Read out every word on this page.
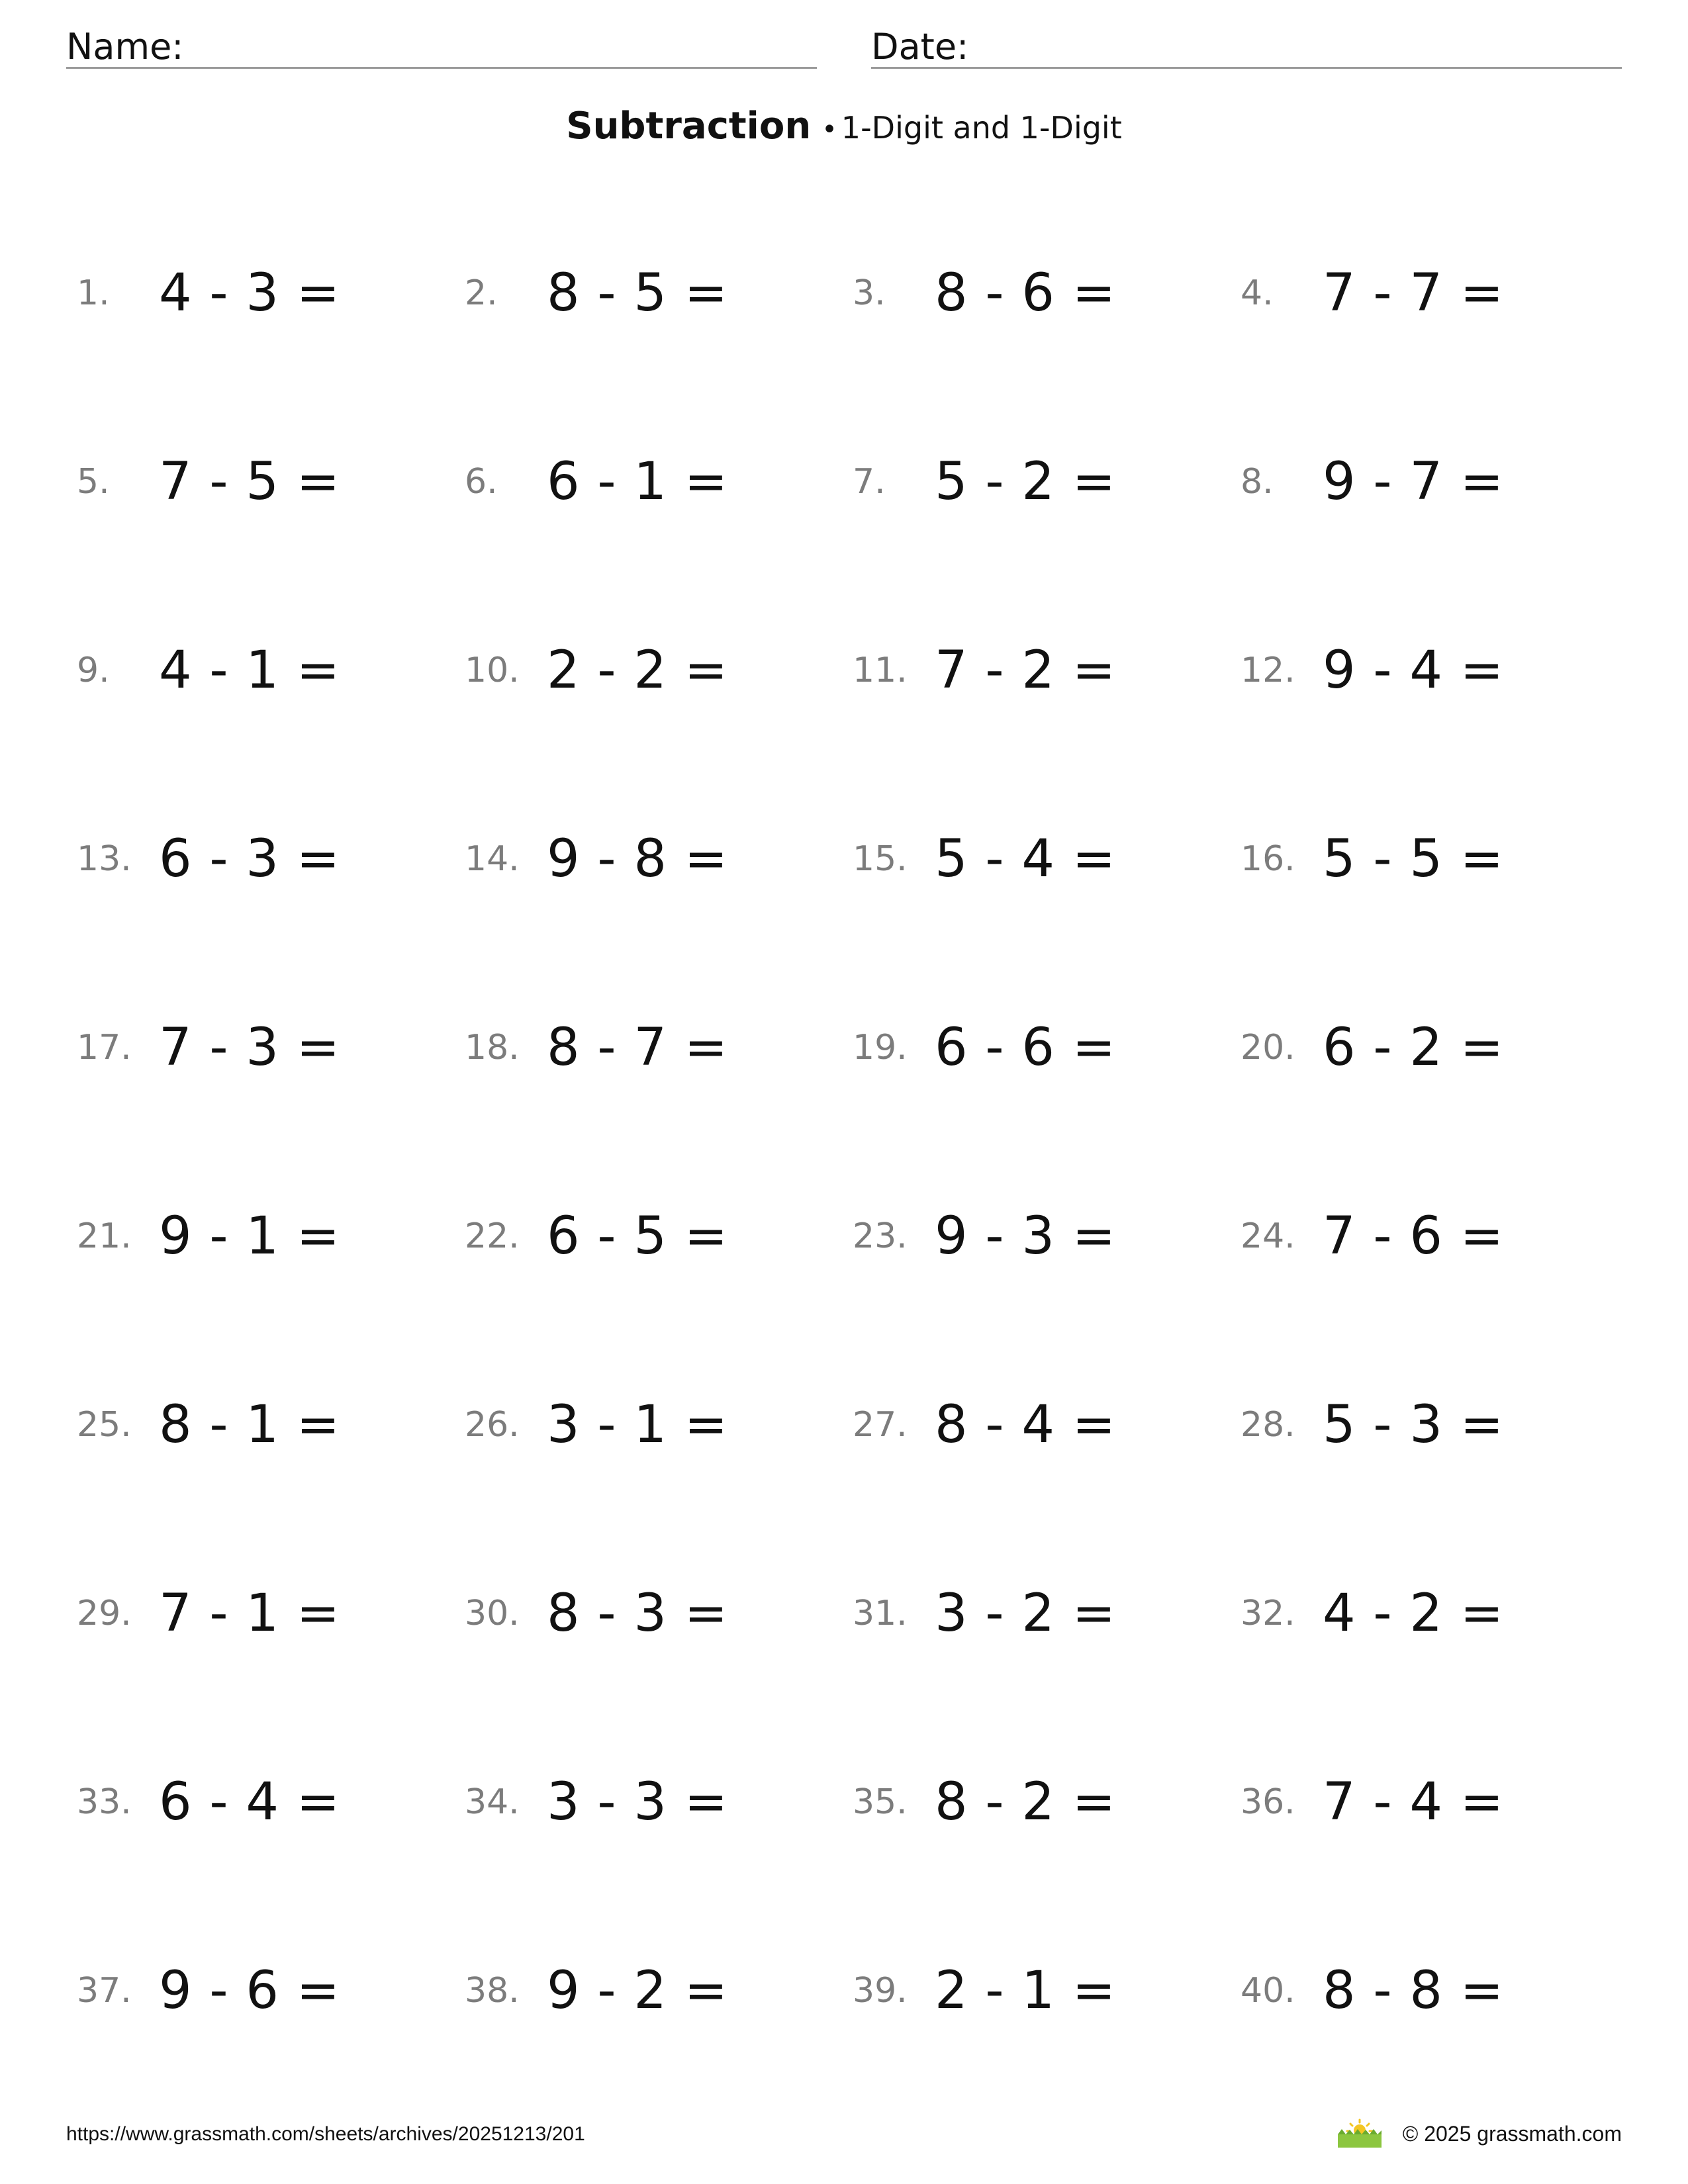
Name:	Date:
Subtraction • 1-Digit and 1-Digit
1. 4 - 3 =	2. 8 - 5 =	3. 8 - 6 =	4. 7 - 7 =
5. 7 - 5 =	6. 6 - 1 =	7. 5 - 2 =	8. 9 - 7 =
9. 4 - 1 =	10. 2 - 2 =	11. 7 - 2 =	12. 9 - 4 =
13. 6 - 3 =	14. 9 - 8 =	15. 5 - 4 =	16. 5 - 5 =
17. 7 - 3 =	18. 8 - 7 =	19. 6 - 6 =	20. 6 - 2 =
21. 9 - 1 =	22. 6 - 5 =	23. 9 - 3 =	24. 7 - 6 =
25. 8 - 1 =	26. 3 - 1 =	27. 8 - 4 =	28. 5 - 3 =
29. 7 - 1 =	30. 8 - 3 =	31. 3 - 2 =	32. 4 - 2 =
33. 6 - 4 =	34. 3 - 3 =	35. 8 - 2 =	36. 7 - 4 =
37. 9 - 6 =	38. 9 - 2 =	39. 2 - 1 =	40. 8 - 8 =
https://www.grassmath.com/sheets/archives/20251213/201	© 2025 grassmath.com
